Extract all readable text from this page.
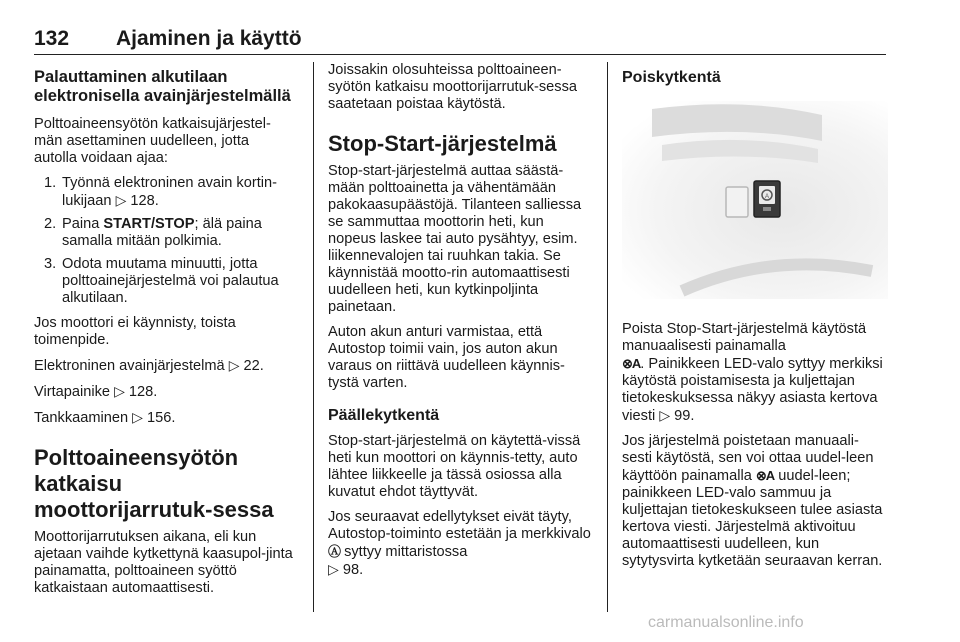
132 Ajaminen ja käyttö
Palauttaminen alkutilaan elektronisella avainjärjestelmällä

Polttoaineensyötön katkaisujärjestel-män asettaminen uudelleen, jotta autolla voidaan ajaa:

1. Työnnä elektroninen avain kortin-lukijaan ▷ 128.
2. Paina START/STOP; älä paina samalla mitään polkimia.
3. Odota muutama minuutti, jotta polttoainejärjestelmä voi palautua alkutilaan.

Jos moottori ei käynnisty, toista toimenpide.

Elektroninen avainjärjestelmä ▷ 22.

Virtapainike ▷ 128.

Tankkaaminen ▷ 156.

Polttoaineensyötön katkaisu moottorijarrutuk-sessa

Moottorijarrutuksen aikana, eli kun ajetaan vaihde kytkettynä kaasupol-jinta painamatta, polttoaineen syöttö katkaistaan automaattisesti.

Joissakin olosuhteissa polttoaineen-syötön katkaisu moottorijarrutuk-sessa saatetaan poistaa käytöstä.

Stop-Start-järjestelmä

Stop-start-järjestelmä auttaa säästä-mään polttoainetta ja vähentämään pakokaasupäästöjä. Tilanteen salliessa se sammuttaa moottorin heti, kun nopeus laskee tai auto pysähtyy, esim. liikennevalojen tai ruuhkan takia. Se käynnistää mootto-rin automaattisesti uudelleen heti, kun kytkinpoljinta painetaan.

Auton akun anturi varmistaa, että Autostop toimii vain, jos auton akun varaus on riittävä uudelleen käynnis-tystä varten.

Päällekytkentä

Stop-start-järjestelmä on käytettä-vissä heti kun moottori on käynnis-tetty, auto lähtee liikkeelle ja tässä osiossa alla kuvatut ehdot täyttyvät.

Jos seuraavat edellytykset eivät täyty, Autostop-toiminto estetään ja merkkivalo Ⓐ syttyy mittaristossa
▷ 98.

Poiskytkentä
A

Poista Stop-Start-järjestelmä käytöstä manuaalisesti painamalla
⊗A. Painikkeen LED-valo syttyy merkiksi käytöstä poistamisesta ja kuljettajan tietokeskuksessa näkyy asiasta kertova viesti ▷ 99.

Jos järjestelmä poistetaan manuaali-sesti käytöstä, sen voi ottaa uudel-leen käyttöön painamalla ⊗A uudel-leen; painikkeen LED-valo sammuu ja kuljettajan tietokeskukseen tulee asiasta kertova viesti. Järjestelmä aktivoituu automaattisesti uudelleen, kun sytytysvirta kytketään seuraavan kerran.

carmanualsonline.info
